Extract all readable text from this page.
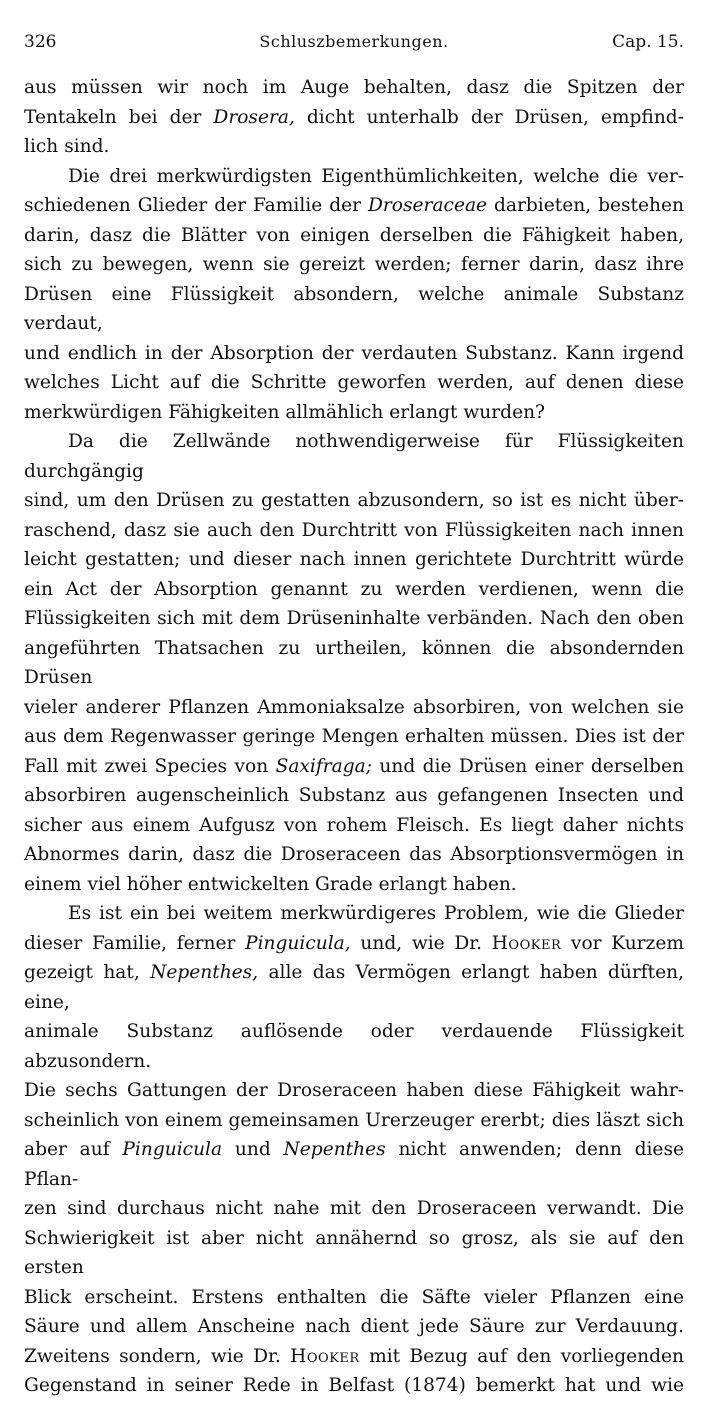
326	Schluszbemerkungen.	Cap. 15.
aus müssen wir noch im Auge behalten, dasz die Spitzen der
Tentakeln bei der Drosera, dicht unterhalb der Drüsen, empfind-
lich sind.
Die drei merkwürdigsten Eigenthümlichkeiten, welche die ver-
schiedenen Glieder der Familie der Droseraceae darbieten, bestehen
darin, dasz die Blätter von einigen derselben die Fähigkeit haben,
sich zu bewegen, wenn sie gereizt werden; ferner darin, dasz ihre
Drüsen eine Flüssigkeit absondern, welche animale Substanz verdaut,
und endlich in der Absorption der verdauten Substanz. Kann irgend
welches Licht auf die Schritte geworfen werden, auf denen diese
merkwürdigen Fähigkeiten allmählich erlangt wurden?
Da die Zellwände nothwendigerweise für Flüssigkeiten durchgängig
sind, um den Drüsen zu gestatten abzusondern, so ist es nicht über-
raschend, dasz sie auch den Durchtritt von Flüssigkeiten nach innen
leicht gestatten; und dieser nach innen gerichtete Durchtritt würde
ein Act der Absorption genannt zu werden verdienen, wenn die
Flüssigkeiten sich mit dem Drüseninhalte verbänden. Nach den oben
angeführten Thatsachen zu urtheilen, können die absondernden Drüsen
vieler anderer Pflanzen Ammoniaksalze absorbiren, von welchen sie
aus dem Regenwasser geringe Mengen erhalten müssen. Dies ist der
Fall mit zwei Species von Saxifraga; und die Drüsen einer derselben
absorbiren augenscheinlich Substanz aus gefangenen Insecten und
sicher aus einem Aufgusz von rohem Fleisch. Es liegt daher nichts
Abnormes darin, dasz die Droseraceen das Absorptionsvermögen in
einem viel höher entwickelten Grade erlangt haben.
Es ist ein bei weitem merkwürdigeres Problem, wie die Glieder
dieser Familie, ferner Pinguicula, und, wie Dr. Hooker vor Kurzem
gezeigt hat, Nepenthes, alle das Vermögen erlangt haben dürften, eine,
animale Substanz auflösende oder verdauende Flüssigkeit abzusondern.
Die sechs Gattungen der Droseraceen haben diese Fähigkeit wahr-
scheinlich von einem gemeinsamen Urerzeuger ererbt; dies läszt sich
aber auf Pinguicula und Nepenthes nicht anwenden; denn diese Pflan-
zen sind durchaus nicht nahe mit den Droseraceen verwandt. Die
Schwierigkeit ist aber nicht annähernd so grosz, als sie auf den ersten
Blick erscheint. Erstens enthalten die Säfte vieler Pflanzen eine
Säure und allem Anscheine nach dient jede Säure zur Verdauung.
Zweitens sondern, wie Dr. Hooker mit Bezug auf den vorliegenden
Gegenstand in seiner Rede in Belfast (1874) bemerkt hat und wie
